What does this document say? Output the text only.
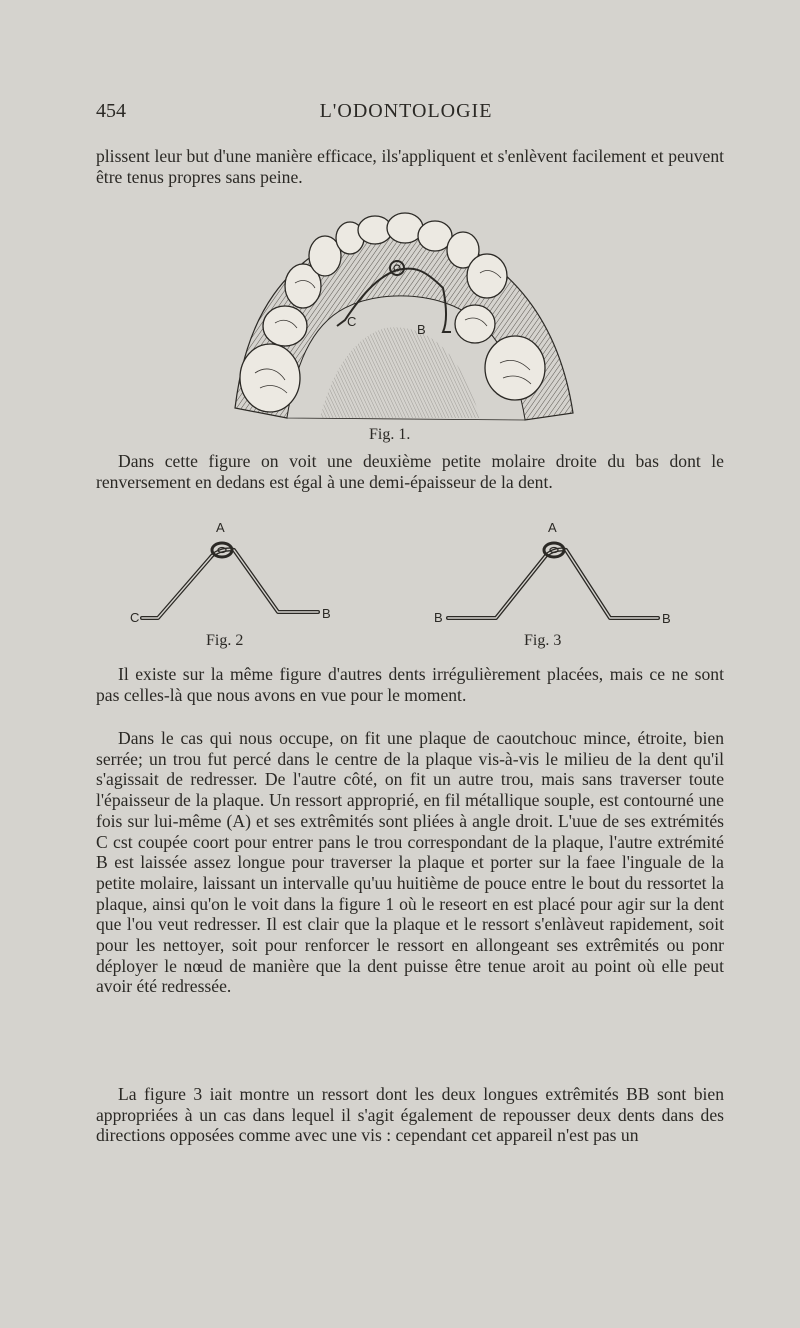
454	L'ODONTOLOGIE

plissent leur but d'une manière efficace, ils'appliquent et s'enlèvent facilement et peuvent être tenus propres sans peine.

C
B
Fig. 1.

Dans cette figure on voit une deuxième petite molaire droite du bas dont le renversement en dedans est égal à une demi-épaisseur de la dent.

A
C	B
Fig. 2
A
B	B
Fig. 3

Il existe sur la même figure d'autres dents irrégulièrement placées, mais ce ne sont pas celles-là que nous avons en vue pour le moment.

Dans le cas qui nous occupe, on fit une plaque de caoutchouc mince, étroite, bien serrée; un trou fut percé dans le centre de la plaque vis-à-vis le milieu de la dent qu'il s'agissait de redresser. De l'autre côté, on fit un autre trou, mais sans traverser toute l'épaisseur de la plaque. Un ressort approprié, en fil métallique souple, est contourné une fois sur lui-même (A) et ses extrêmités sont pliées à angle droit. L'uue de ses extrémités C cst coupée coort pour entrer pans le trou correspondant de la plaque, l'autre extrémité B est laissée assez longue pour traverser la plaque et porter sur la faee l'inguale de la petite molaire, laissant un intervalle qu'uu huitième de pouce entre le bout du ressortet la plaque, ainsi qu'on le voit dans la figure 1 où le reseort en est placé pour agir sur la dent que l'ou veut redresser. Il est clair que la plaque et le ressort s'enlàveut rapidement, soit pour les nettoyer, soit pour renforcer le ressort en allongeant ses extrêmités ou ponr déployer le nœud de manière que la dent puisse être tenue aroit au point où elle peut avoir été redressée.

La figure 3 iait montre un ressort dont les deux longues extrêmités BB sont bien appropriées à un cas dans lequel il s'agit également de repousser deux dents dans des directions opposées comme avec une vis : cependant cet appareil n'est pas un
